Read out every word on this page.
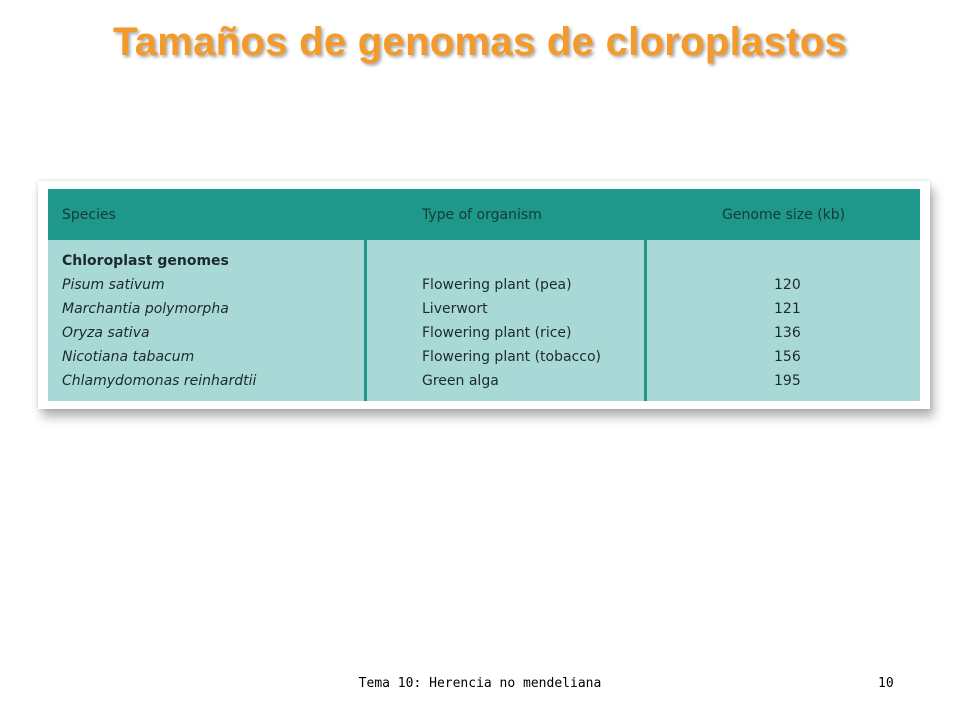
Tamaños de genomas de cloroplastos
Species	Type of organism	Genome size (kb)
Chloroplast genomes
Pisum sativum	Flowering plant (pea)	120
Marchantia polymorpha	Liverwort	121
Oryza sativa	Flowering plant (rice)	136
Nicotiana tabacum	Flowering plant (tobacco)	156
Chlamydomonas reinhardtii	Green alga	195
Tema 10: Herencia no mendeliana	10
